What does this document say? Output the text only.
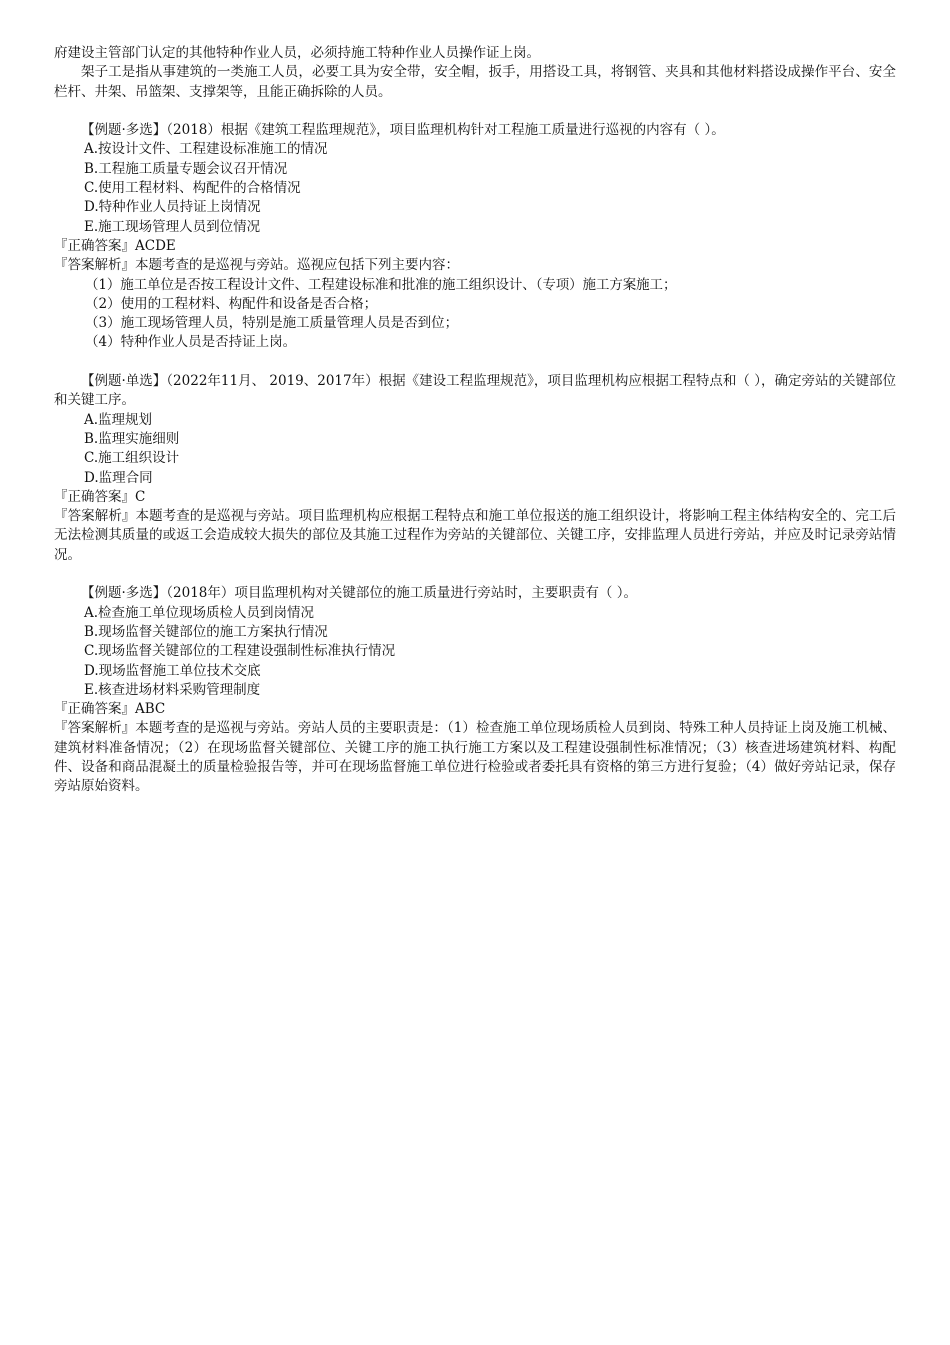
府建设主管部门认定的其他特种作业人员，必须持施工特种作业人员操作证上岗。

架子工是指从事建筑的一类施工人员，必要工具为安全带，安全帽，扳手，用搭设工具，将钢管、夹具和其他材料搭设成操作平台、安全栏杆、井架、吊篮架、支撑架等，且能正确拆除的人员。

【例题·多选】（2018）根据《建筑工程监理规范》，项目监理机构针对工程施工质量进行巡视的内容有（ ）。

A.按设计文件、工程建设标准施工的情况

B.工程施工质量专题会议召开情况

C.使用工程材料、构配件的合格情况

D.特种作业人员持证上岗情况

E.施工现场管理人员到位情况

『正确答案』ACDE

『答案解析』本题考查的是巡视与旁站。巡视应包括下列主要内容：

（1）施工单位是否按工程设计文件、工程建设标准和批准的施工组织设计、（专项）施工方案施工；

（2）使用的工程材料、构配件和设备是否合格；

（3）施工现场管理人员，特别是施工质量管理人员是否到位；

（4）特种作业人员是否持证上岗。

【例题·单选】（2022年11月、 2019、2017年）根据《建设工程监理规范》，项目监理机构应根据工程特点和（ ），确定旁站的关键部位和关键工序。

A.监理规划

B.监理实施细则

C.施工组织设计

D.监理合同

『正确答案』C

『答案解析』本题考查的是巡视与旁站。项目监理机构应根据工程特点和施工单位报送的施工组织设计，将影响工程主体结构安全的、完工后无法检测其质量的或返工会造成较大损失的部位及其施工过程作为旁站的关键部位、关键工序，安排监理人员进行旁站，并应及时记录旁站情况。

【例题·多选】（2018年）项目监理机构对关键部位的施工质量进行旁站时，主要职责有（ ）。

A.检查施工单位现场质检人员到岗情况

B.现场监督关键部位的施工方案执行情况

C.现场监督关键部位的工程建设强制性标准执行情况

D.现场监督施工单位技术交底

E.核查进场材料采购管理制度

『正确答案』ABC

『答案解析』本题考查的是巡视与旁站。旁站人员的主要职责是：（1）检查施工单位现场质检人员到岗、特殊工种人员持证上岗及施工机械、建筑材料准备情况；（2）在现场监督关键部位、关键工序的施工执行施工方案以及工程建设强制性标准情况；（3）核查进场建筑材料、构配件、设备和商品混凝土的质量检验报告等，并可在现场监督施工单位进行检验或者委托具有资格的第三方进行复验；（4）做好旁站记录，保存旁站原始资料。
